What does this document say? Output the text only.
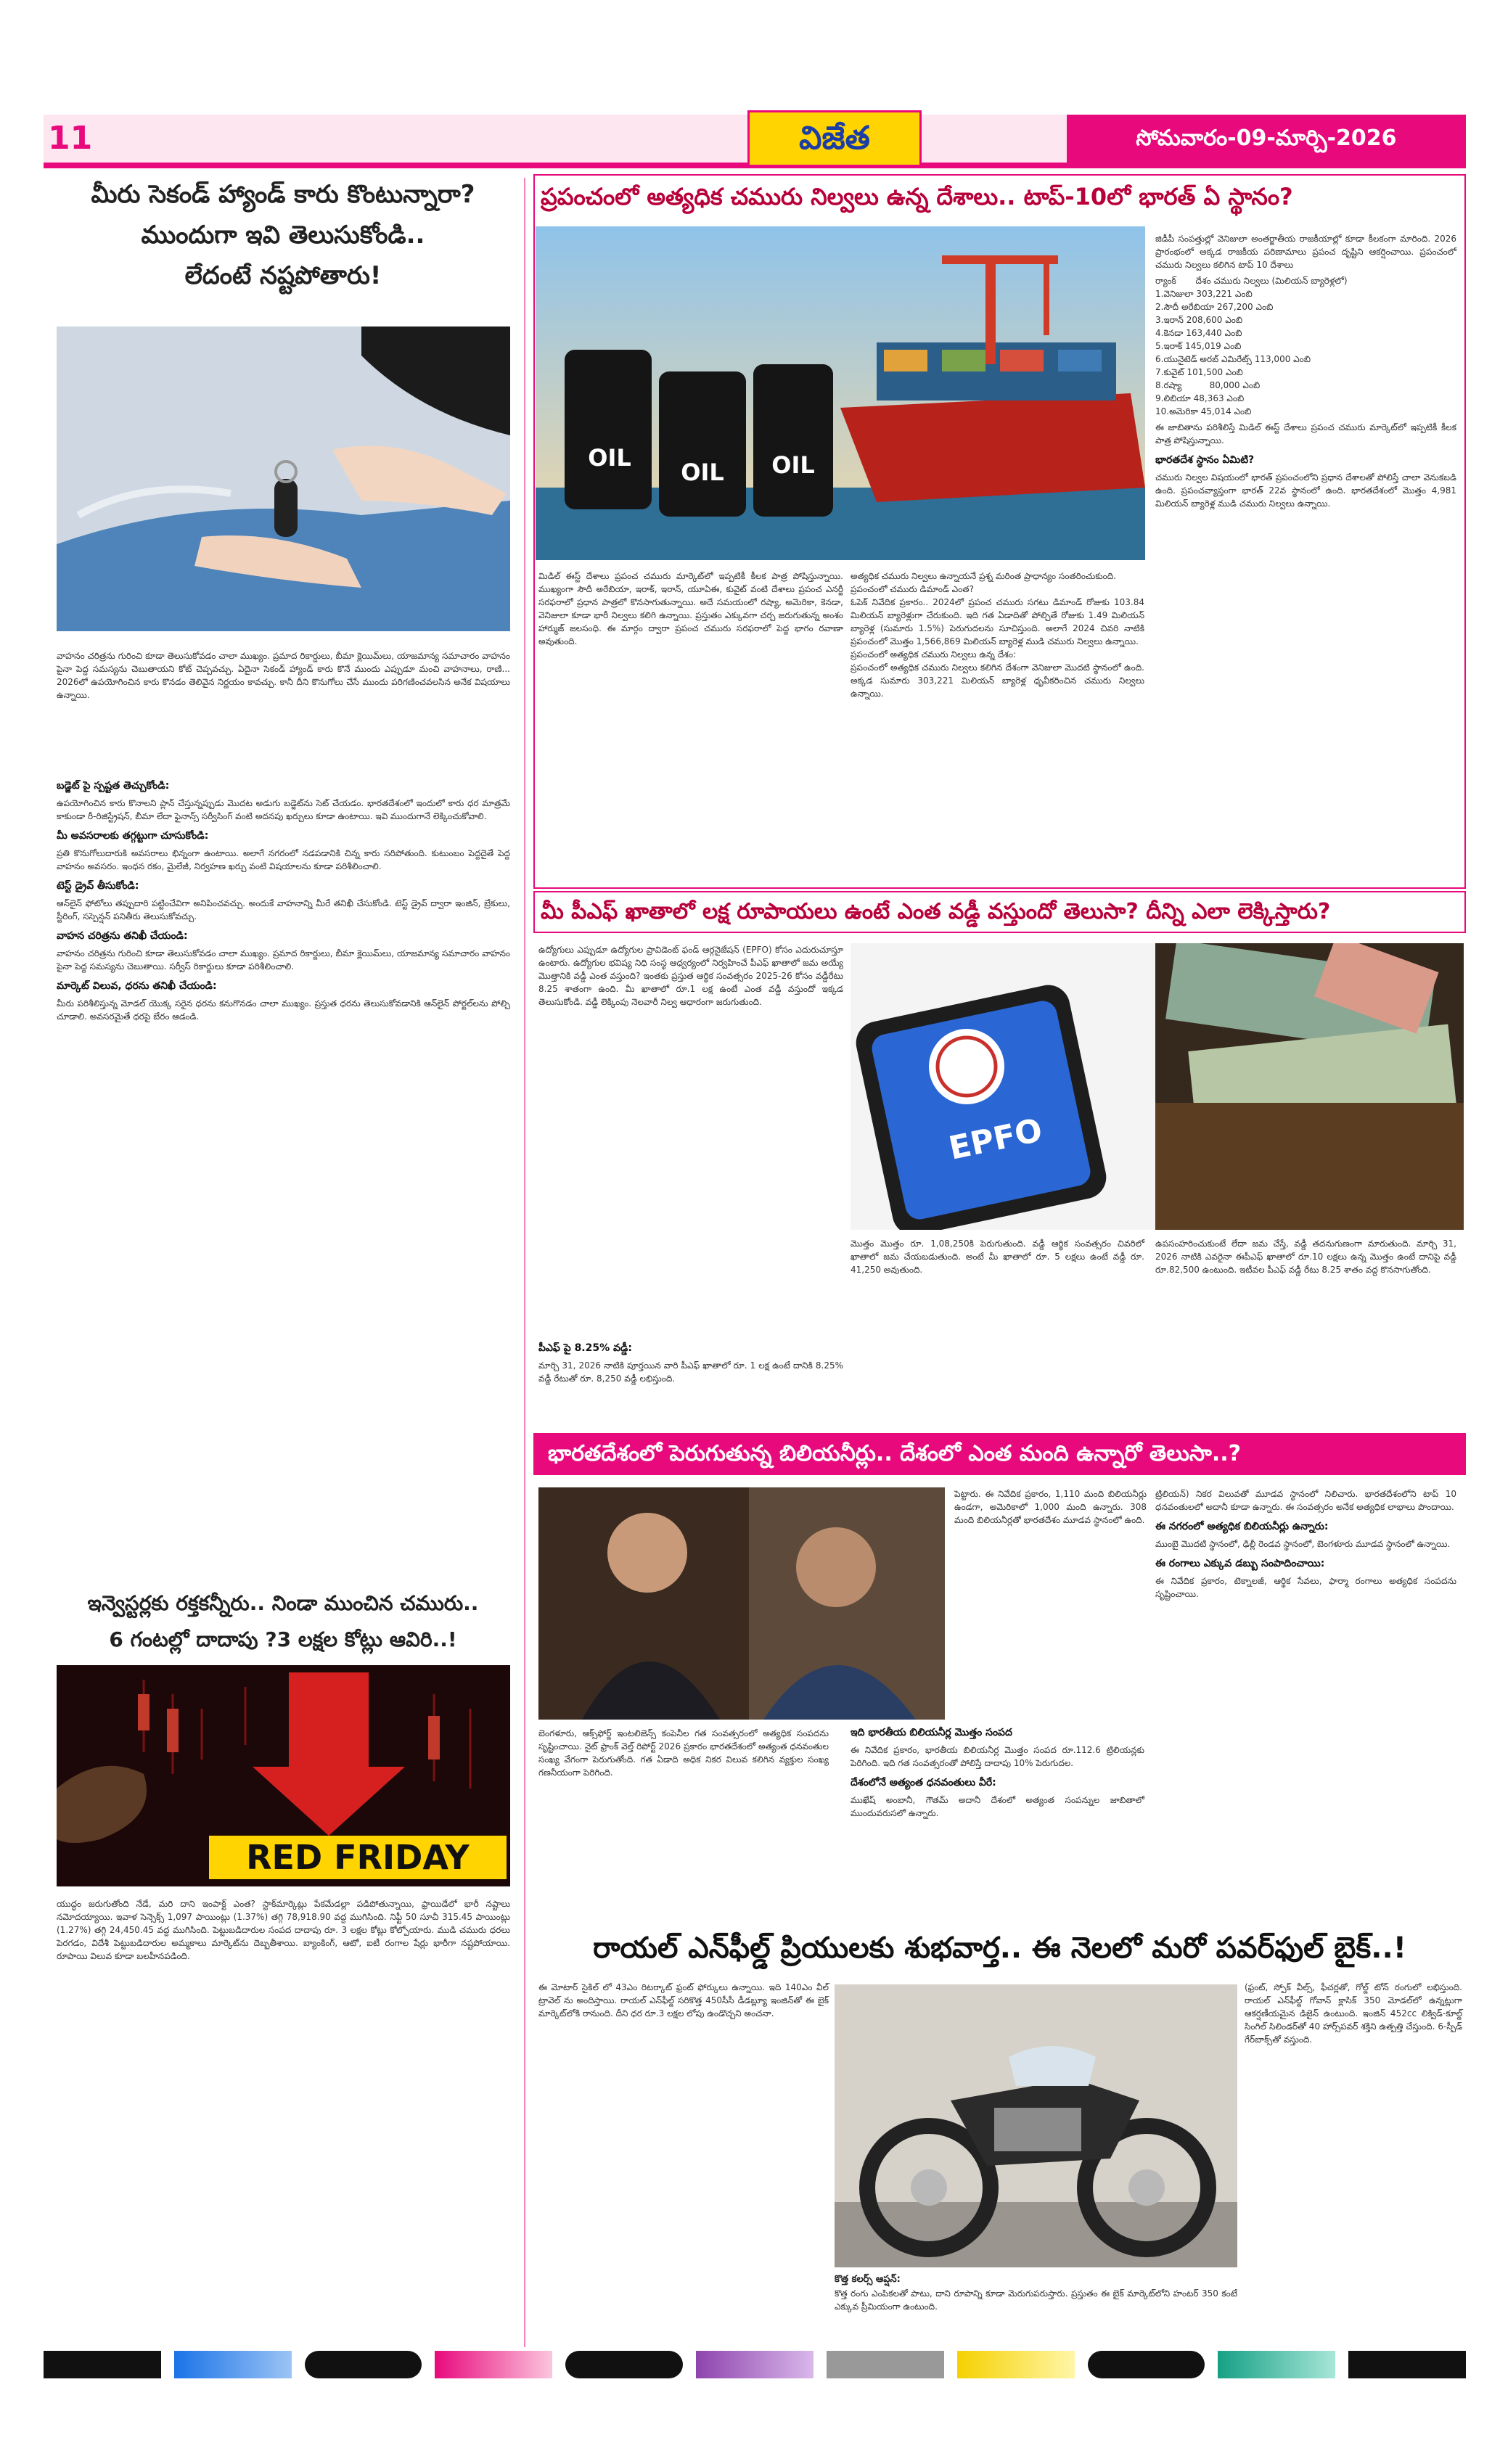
11	విజేత	సోమవారం-09-మార్చి-2026
మీరు సెకండ్ హ్యాండ్ కారు కొంటున్నారా?
ముందుగా ఇవి తెలుసుకోండి..
లేదంటే నష్టపోతారు!
వాహనం చరిత్రను గురించి కూడా తెలుసుకోవడం చాలా ముఖ్యం. ప్రమాద రికార్డులు, బీమా క్లెయిమ్‌లు, యాజమాన్య సమాచారం వాహనం పైనా పెద్ద సమస్యను చెబుతాయని కోట్ చెప్పవచ్చు. ఏదైనా సెకండ్ హ్యాండ్ కారు కొనే ముందు ఎప్పుడూ మంచి వాహనాలు, రాణి... 2026లో ఉపయోగించిన కారు కొనడం తెలివైన నిర్ణయం కావచ్చు. కానీ దీని కొనుగోలు చేసే ముందు పరిగణించవలసిన అనేక విషయాలు ఉన్నాయి.
బడ్జెట్ పై స్పష్టత తెచ్చుకోండి:
ఉపయోగించిన కారు కొనాలని ప్లాన్ చేస్తున్నప్పుడు మొదట అడుగు బడ్జెట్‌ను సెట్ చేయడం. భారతదేశంలో ఇందులో కారు ధర మాత్రమే కాకుండా రీ-రిజిస్ట్రేషన్, బీమా లేదా ఫైనాన్స్ సర్వీసింగ్ వంటి అదనపు ఖర్చులు కూడా ఉంటాయి. ఇవి ముందుగానే లెక్కించుకోవాలి.
మీ అవసరాలకు తగ్గట్టుగా చూసుకోండి:
ప్రతి కొనుగోలుదారుకి అవసరాలు భిన్నంగా ఉంటాయి. అలాగే నగరంలో నడపడానికి చిన్న కారు సరిపోతుంది. కుటుంబం పెద్దదైతే పెద్ద వాహనం అవసరం. ఇంధన రకం, మైలేజీ, నిర్వహణ ఖర్చు వంటి విషయాలను కూడా పరిశీలించాలి.
టెస్ట్ డ్రైవ్ తీసుకోండి:
ఆన్‌లైన్ ఫోటోలు తప్పుదారి పట్టించేవిగా అనిపించవచ్చు. అందుకే వాహనాన్ని మీరే తనిఖీ చేసుకోండి. టెస్ట్ డ్రైవ్ ద్వారా ఇంజిన్, బ్రేకులు, స్టీరింగ్, సస్పెన్షన్ పనితీరు తెలుసుకోవచ్చు.
వాహన చరిత్రను తనిఖీ చేయండి:
వాహనం చరిత్రను గురించి కూడా తెలుసుకోవడం చాలా ముఖ్యం. ప్రమాద రికార్డులు, బీమా క్లెయిమ్‌లు, యాజమాన్య సమాచారం వాహనం పైనా పెద్ద సమస్యను చెబుతాయి. సర్వీస్ రికార్డులు కూడా పరిశీలించాలి.
మార్కెట్ విలువ, ధరను తనిఖీ చేయండి:
మీరు పరిశీలిస్తున్న మోడల్ యొక్క సరైన ధరను కనుగొనడం చాలా ముఖ్యం. ప్రస్తుత ధరను తెలుసుకోవడానికి ఆన్‌లైన్ పోర్టల్‌లను పోల్చి చూడాలి. అవసరమైతే ధరపై బేరం ఆడండి.
ఇన్వెస్టర్లకు రక్తకన్నీరు.. నిండా ముంచిన చమురు..
6 గంటల్లో దాదాపు ?3 లక్షల కోట్లు ఆవిరి..!
RED FRIDAY
యుద్ధం జరుగుతోంది నేడే, మరి దాని ఇంపాక్ట్ ఎంత? స్టాక్‌మార్కెట్లు పేకమేడల్లా పడిపోతున్నాయి, ఫ్రాయిడేలో భారీ నష్టాలు నమోదయ్యాయి. ఇవాళ సెన్సెక్స్ 1,097 పాయింట్లు (1.37%) తగ్గి 78,918.90 వద్ద ముగిసింది. నిఫ్టీ 50 సూచీ 315.45 పాయింట్లు (1.27%) తగ్గి 24,450.45 వద్ద ముగిసింది. పెట్టుబడిదారుల సంపద దాదాపు రూ. 3 లక్షల కోట్లు కోల్పోయారు. ముడి చమురు ధరలు పెరగడం, విదేశీ పెట్టుబడిదారుల అమ్మకాలు మార్కెట్‌ను దెబ్బతీశాయి. బ్యాంకింగ్, ఆటో, ఐటీ రంగాల షేర్లు భారీగా నష్టపోయాయి. రూపాయి విలువ కూడా బలహీనపడింది.
ప్రపంచంలో అత్యధిక చమురు నిల్వలు ఉన్న దేశాలు.. టాప్-10లో భారత్ ఏ స్థానం?
OIL
OIL	OIL
మిడిల్ ఈస్ట్ దేశాలు ప్రపంచ చమురు మార్కెట్‌లో ఇప్పటికీ కీలక పాత్ర పోషిస్తున్నాయి. ముఖ్యంగా సౌదీ అరేబియా, ఇరాక్, ఇరాన్, యూఏఈ, కువైట్ వంటి దేశాలు ప్రపంచ ఎనర్జీ సరఫరాలో ప్రధాన పాత్రలో కొనసాగుతున్నాయి. అదే సమయంలో రష్యా, అమెరికా, కెనడా, వెనిజులా కూడా భారీ నిల్వలు కలిగి ఉన్నాయి. ప్రస్తుతం ఎక్కువగా చర్చ జరుగుతున్న అంశం హార్ముజ్ జలసంధి. ఈ మార్గం ద్వారా ప్రపంచ చమురు సరఫరాలో పెద్ద భాగం రవాణా అవుతుంది.
అత్యధిక చమురు నిల్వలు ఉన్నాయనే ప్రశ్న మరింత ప్రాధాన్యం సంతరించుకుంది.
ప్రపంచంలో చమురు డిమాండ్ ఎంత?
ఓపెక్ నివేదిక ప్రకారం.. 2024లో ప్రపంచ చమురు సగటు డిమాండ్ రోజుకు 103.84 మిలియన్ బ్యారెళ్లుగా చేరుకుంది. ఇది గత ఏడాదితో పోల్చితే రోజుకు 1.49 మిలియన్ బ్యారెళ్ల (సుమారు 1.5%) పెరుగుదలను సూచిస్తుంది. అలాగే 2024 చివరి నాటికి ప్రపంచంలో మొత్తం 1,566,869 మిలియన్ బ్యారెళ్ల ముడి చమురు నిల్వలు ఉన్నాయి.
ప్రపంచంలో అత్యధిక చమురు నిల్వలు ఉన్న దేశం:
ప్రపంచంలో అత్యధిక చమురు నిల్వలు కలిగిన దేశంగా వెనిజులా మొదటి స్థానంలో ఉంది. అక్కడ సుమారు 303,221 మిలియన్ బ్యారెళ్ల ధృవీకరించిన చమురు నిల్వలు ఉన్నాయి.
జిడీపీ సంపత్తుల్లో వెనిజులా అంతర్జాతీయ రాజకీయాల్లో కూడా కీలకంగా మారింది. 2026 ప్రారంభంలో అక్కడ రాజకీయ పరిణామాలు ప్రపంచ దృష్టిని ఆకర్షించాయి. ప్రపంచంలో చమురు నిల్వలు కలిగిన టాప్ 10 దేశాలు
ర్యాంక్       దేశం చమురు నిల్వలు (మిలియన్ బ్యారెళ్లలో)
1.వెనిజులా 303,221 ఎంబి
2.సౌదీ అరేబియా 267,200 ఎంబి
3.ఇరాన్ 208,600 ఎంబి
4.కెనడా 163,440 ఎంబి
5.ఇరాక్ 145,019 ఎంబి
6.యునైటెడ్ అరబ్ ఎమిరేట్స్ 113,000 ఎంబి
7.కువైట్ 101,500 ఎంబి
8.రష్యా          80,000 ఎంబి
9.లిబియా 48,363 ఎంబి
10.అమెరికా 45,014 ఎంబి
ఈ జాబితాను పరిశీలిస్తే మిడిల్ ఈస్ట్ దేశాలు ప్రపంచ చమురు మార్కెట్‌లో ఇప్పటికీ కీలక పాత్ర పోషిస్తున్నాయి.
భారతదేశ స్థానం ఏమిటి?
చమురు నిల్వల విషయంలో భారత్ ప్రపంచంలోని ప్రధాన దేశాలతో పోలిస్తే చాలా వెనుకబడి ఉంది. ప్రపంచవ్యాప్తంగా భారత్ 22వ స్థానంలో ఉంది. భారతదేశంలో మొత్తం 4,981 మిలియన్ బ్యారెళ్ల ముడి చమురు నిల్వలు ఉన్నాయి.
మీ పీఎఫ్ ఖాతాలో లక్ష రూపాయలు ఉంటే ఎంత వడ్డీ వస్తుందో తెలుసా? దీన్ని ఎలా లెక్కిస్తారు?
ఉద్యోగులు ఎప్పుడూ ఉద్యోగుల ప్రావిడెంట్ ఫండ్ ఆర్గనైజేషన్ (EPFO) కోసం ఎదురుచూస్తూ ఉంటారు. ఉద్యోగుల భవిష్య నిధి సంస్థ ఆధ్వర్యంలో నిర్వహించే పీఎఫ్ ఖాతాలో జమ అయ్యే మొత్తానికి వడ్డీ ఎంత వస్తుంది? ఇంతకు ప్రస్తుత ఆర్థిక సంవత్సరం 2025-26 కోసం వడ్డీరేటు 8.25 శాతంగా ఉంది. మీ ఖాతాలో రూ.1 లక్ష ఉంటే ఎంత వడ్డీ వస్తుందో ఇక్కడ తెలుసుకోండి. వడ్డీ లెక్కింపు నెలవారీ నిల్వ ఆధారంగా జరుగుతుంది.
EPFO
మొత్తం మొత్తం రూ. 1,08,250కి పెరుగుతుంది. వడ్డీ ఆర్థిక సంవత్సరం చివరిలో ఖాతాలో జమ చేయబడుతుంది. అంటే మీ ఖాతాలో రూ. 5 లక్షలు ఉంటే వడ్డీ రూ. 41,250 అవుతుంది.
పీఎఫ్ పై 8.25% వడ్డీ:
మార్చి 31, 2026 నాటికి పూర్తయిన వారి పీఎఫ్ ఖాతాలో రూ. 1 లక్ష ఉంటే దానికి 8.25% వడ్డీ రేటుతో రూ. 8,250 వడ్డీ లభిస్తుంది.
ఉపసంహరించుకుంటే లేదా జమ చేస్తే, వడ్డీ తదనుగుణంగా మారుతుంది. మార్చి 31, 2026 నాటికి ఎవరైనా ఈపీఎఫ్ ఖాతాలో రూ.10 లక్షలు ఉన్న మొత్తం ఉంటే దానిపై వడ్డీ రూ.82,500 ఉంటుంది. ఇటీవల పీఎఫ్ వడ్డీ రేటు 8.25 శాతం వద్ద కొనసాగుతోంది.
భారతదేశంలో పెరుగుతున్న బిలియనీర్లు.. దేశంలో ఎంత మంది ఉన్నారో తెలుసా..?
బెంగళూరు, ఆక్స్‌ఫోర్డ్ ఇంటలిజెన్స్ కంపెనీల గత సంవత్సరంలో అత్యధిక సంపదను సృష్టించాయి. నైట్ ఫ్రాంక్ వెల్త్ రిపోర్ట్ 2026 ప్రకారం భారతదేశంలో అత్యంత ధనవంతుల సంఖ్య వేగంగా పెరుగుతోంది. గత ఏడాది అధిక నికర విలువ కలిగిన వ్యక్తుల సంఖ్య గణనీయంగా పెరిగింది.
ఇది భారతీయ బిలియనీర్ల మొత్తం సంపద
ఈ నివేదిక ప్రకారం, భారతీయ బిలియనీర్ల మొత్తం సంపద రూ.112.6 ట్రిలియన్లకు పెరిగింది. ఇది గత సంవత్సరంతో పోలిస్తే దాదాపు 10% పెరుగుదల.
దేశంలోనే అత్యంత ధనవంతులు వీరే:
ముఖేష్ అంబానీ, గౌతమ్ అదానీ దేశంలో అత్యంత సంపన్నుల జాబితాలో ముందువరుసలో ఉన్నారు.
పెట్టారు. ఈ నివేదిక ప్రకారం, 1,110 మంది బిలియనీర్లు ఉండగా, అమెరికాలో 1,000 మంది ఉన్నారు. 308 మంది బిలియనీర్లతో భారతదేశం మూడవ స్థానంలో ఉంది.
ట్రిలియన్) నికర విలువతో మూడవ స్థానంలో నిలిచారు. భారతదేశంలోని టాప్ 10 ధనవంతులలో అదానీ కూడా ఉన్నారు. ఈ సంవత్సరం అనేక అత్యధిక లాభాలు పొందాయి.
ఈ నగరంలో అత్యధిక బిలియనీర్లు ఉన్నారు:
ముంబై మొదటి స్థానంలో, ఢిల్లీ రెండవ స్థానంలో, బెంగళూరు మూడవ స్థానంలో ఉన్నాయి.
ఈ రంగాలు ఎక్కువ డబ్బు సంపాదించాయి:
ఈ నివేదిక ప్రకారం, టెక్నాలజీ, ఆర్థిక సేవలు, ఫార్మా రంగాలు అత్యధిక సంపదను సృష్టించాయి.
రాయల్ ఎన్‌ఫీల్డ్ ప్రియులకు శుభవార్త.. ఈ నెలలో మరో పవర్‌ఫుల్ బైక్..!
ఈ మోటార్ సైకిల్ లో 43ఎం రిటర్కాట్ ఫ్రంట్ ఫోర్కులు ఉన్నాయి. ఇది 140ఎం వీల్ ట్రావెల్ ను అందిస్తాయి. రాయల్ ఎన్‌ఫీల్డ్ సరికొత్త 450సీసీ డీడబ్ల్యూ ఇంజిన్‌తో ఈ బైక్ మార్కెట్‌లోకి రానుంది. దీని ధర రూ.3 లక్షల లోపు ఉండొచ్చని అంచనా.
కొత్త కలర్స్ ఆప్షన్:
కొత్త రంగు ఎంపికలతో పాటు, దాని రూపాన్ని కూడా మెరుగుపరుస్తారు. ప్రస్తుతం ఈ బైక్ మార్కెట్‌లోని హంటర్ 350 కంటే ఎక్కువ ప్రీమియంగా ఉంటుంది.
(ఫ్రంట్, స్పోక్ వీల్స్, ఫీచర్లతో, గోల్డ్ టోన్ రంగులో లభిస్తుంది. రాయల్ ఎన్‌ఫీల్డ్ గోవాన్ క్లాసిక్ 350 మోడల్‌లో ఉన్నట్లుగా ఆకర్షణీయమైన డిజైన్ ఉంటుంది. ఇంజిన్ 452cc లిక్విడ్-కూల్డ్ సింగిల్ సిలిండర్‌తో 40 హార్స్‌పవర్ శక్తిని ఉత్పత్తి చేస్తుంది. 6-స్పీడ్ గేర్‌బాక్స్‌తో వస్తుంది.
